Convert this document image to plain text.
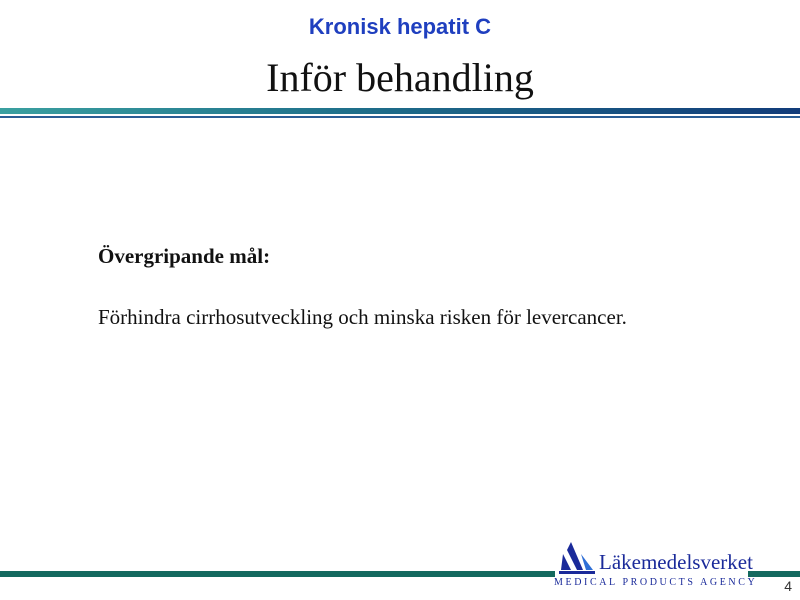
Kronisk hepatit C
Inför behandling
Övergripande mål:
Förhindra cirrhosutveckling och minska risken för levercancer.
Läkemedelsverket
MEDICAL PRODUCTS AGENCY 4
